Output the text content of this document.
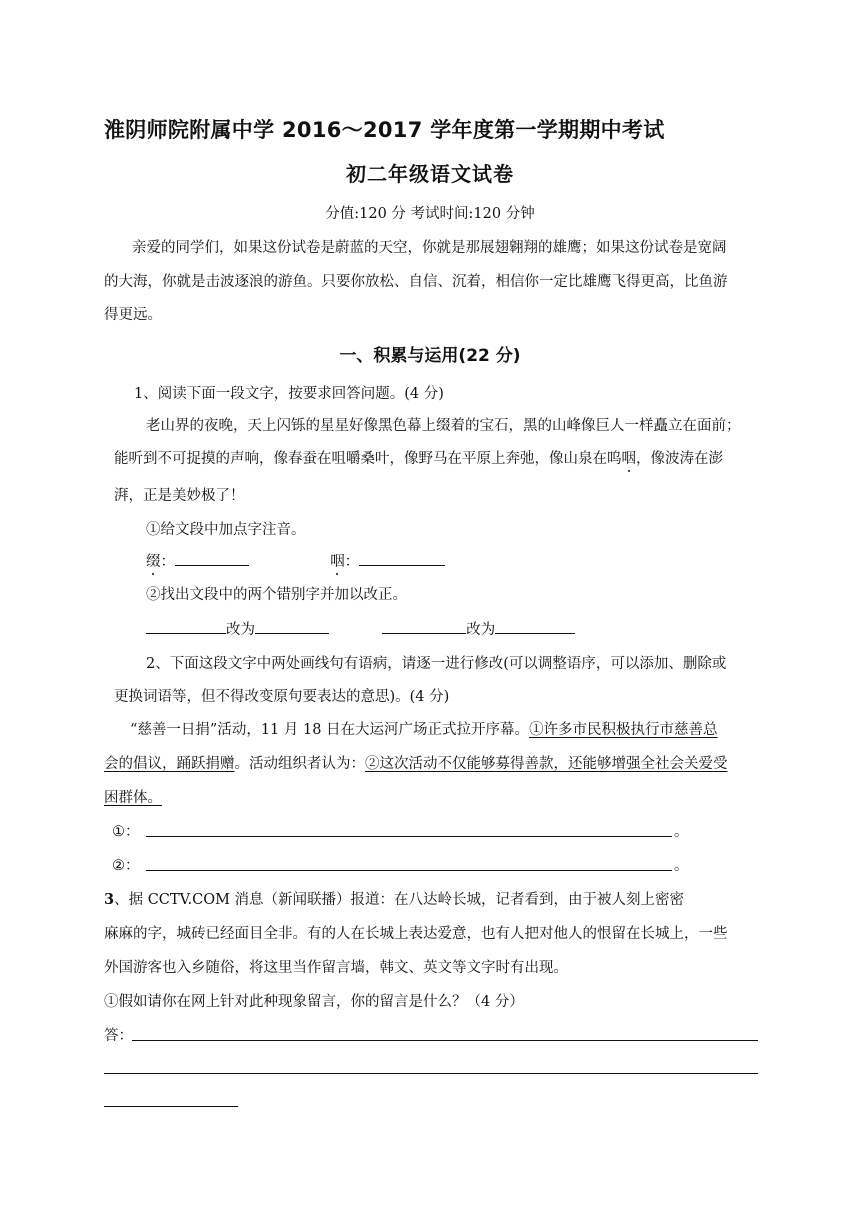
淮阴师院附属中学 2016～2017 学年度第一学期期中考试
初二年级语文试卷
分值:120 分 考试时间:120 分钟
亲爱的同学们，如果这份试卷是蔚蓝的天空，你就是那展翅翱翔的雄鹰；如果这份试卷是宽阔
的大海，你就是击波逐浪的游鱼。只要你放松、自信、沉着，相信你一定比雄鹰飞得更高，比鱼游
得更远。
一、积累与运用(22 分)
1、阅读下面一段文字，按要求回答问题。(4 分)
老山界的夜晚，天上闪铄的星星好像黑色幕上缀着的宝石，黑的山峰像巨人一样矗立在面前；
能听到不可捉摸的声响，像春蚕在咀嚼桑叶，像野马在平原上奔弛，像山泉在呜咽，像波涛在澎
湃，正是美妙极了！
①给文段中加点字注音。
缀：	咽：
②找出文段中的两个错别字并加以改正。
改为	改为
2、下面这段文字中两处画线句有语病，请逐一进行修改(可以调整语序，可以添加、删除或
更换词语等，但不得改变原句要表达的意思)。(4 分)
“慈善一日捐”活动，11 月 18 日在大运河广场正式拉开序幕。①许多市民积极执行市慈善总
会的倡议，踊跃捐赠。活动组织者认为：②这次活动不仅能够募得善款，还能够增强全社会关爱受
困群体。
①：	。
②：	。
3、据 CCTV.COM 消息（新闻联播）报道：在八达岭长城，记者看到，由于被人刻上密密
麻麻的字，城砖已经面目全非。有的人在长城上表达爱意，也有人把对他人的恨留在长城上，一些
外国游客也入乡随俗，将这里当作留言墙，韩文、英文等文字时有出现。
①假如请你在网上针对此种现象留言，你的留言是什么？（4 分）
答：
